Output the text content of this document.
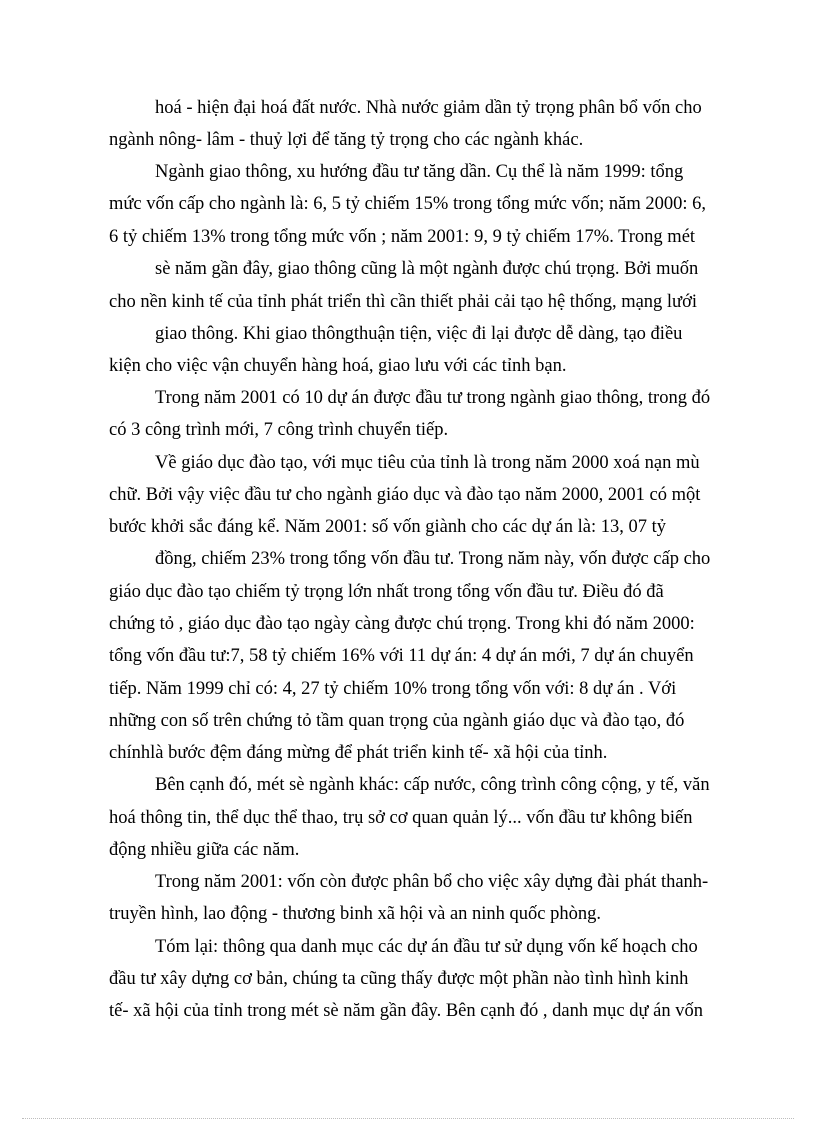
hoá - hiện đại hoá đất nước. Nhà nước giảm dần tỷ trọng phân bổ vốn cho
ngành nông- lâm - thuỷ lợi để tăng tỷ trọng cho các ngành khác.
Ngành giao thông, xu hướng đầu tư tăng dần. Cụ thể là năm 1999: tổng
mức vốn cấp cho ngành là: 6, 5 tỷ chiếm 15% trong tổng mức vốn; năm 2000: 6,
6 tỷ chiếm 13% trong tổng mức vốn ; năm 2001: 9, 9 tỷ chiếm 17%. Trong mét
sè năm gần đây, giao thông cũng là một ngành được chú trọng. Bởi muốn
cho nền kinh tế của tỉnh phát triển thì cần thiết phải cải tạo hệ thống, mạng lưới
giao thông. Khi giao thôngthuận tiện, việc đi lại được dễ dàng, tạo điều
kiện cho việc vận chuyển hàng hoá, giao lưu với các tỉnh bạn.
Trong năm 2001 có 10 dự án được đầu tư trong ngành giao thông, trong đó
có 3 công trình mới, 7 công trình chuyển tiếp.
Về giáo dục đào tạo, với mục tiêu của tỉnh là trong năm 2000 xoá nạn mù
chữ. Bởi vậy việc đầu tư cho ngành giáo dục và đào tạo năm 2000, 2001 có một
bước khởi sắc đáng kể. Năm 2001: số vốn giành cho các dự án là: 13, 07 tỷ
đồng, chiếm 23% trong tổng vốn đầu tư. Trong năm này, vốn được cấp cho
giáo dục đào tạo chiếm tỷ trọng lớn nhất trong tổng vốn đầu tư. Điều đó đã
chứng tỏ , giáo dục đào tạo ngày càng được chú trọng. Trong khi đó năm 2000:
tổng vốn đầu tư:7, 58 tỷ chiếm 16% với 11 dự án: 4 dự án mới, 7 dự án chuyển
tiếp. Năm 1999 chỉ có: 4, 27 tỷ chiếm 10% trong tổng vốn với: 8 dự án . Với
những con số trên chứng tỏ tầm quan trọng của ngành giáo dục và đào tạo, đó
chínhlà bước đệm đáng mừng để phát triển kinh tế- xã hội của tỉnh.
Bên cạnh đó, mét sè ngành khác: cấp nước, công trình công cộng, y tế, văn
hoá thông tin, thể dục thể thao, trụ sở cơ quan quản lý... vốn đầu tư không biến
động nhiều giữa các năm.
Trong năm 2001: vốn còn được phân bổ cho việc xây dựng đài phát thanh-
truyền hình, lao động - thương binh xã hội và an ninh quốc phòng.
Tóm lại: thông qua danh mục các dự án đầu tư sử dụng vốn kế hoạch cho
đầu tư xây dựng cơ bản, chúng ta cũng thấy được một phần nào tình hình kinh
tế- xã hội của tỉnh trong mét sè năm gần đây. Bên cạnh đó , danh mục dự án vốn
